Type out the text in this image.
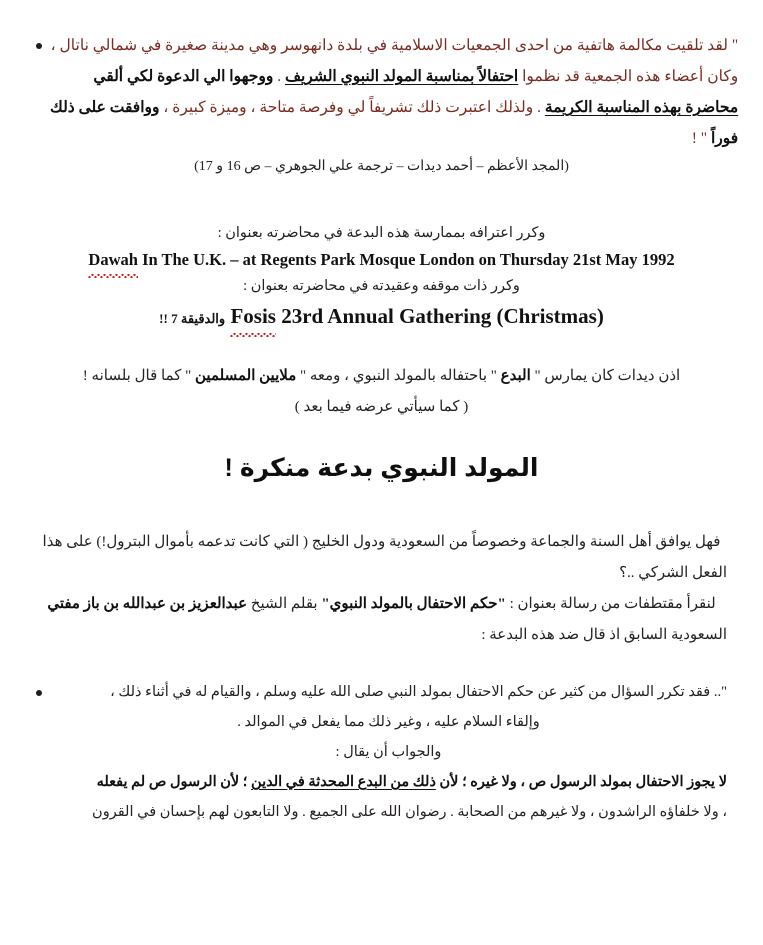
" لقد تلقيت مكالمة هاتفية من احدى الجمعيات الاسلامية في بلدة دانهوسر وهي مدينة صغيرة في شمالي ناتال ،
وكان أعضاء هذه الجمعية قد نظموا احتفالاً بمناسبة المولد النبوي الشريف . ووجهوا الي الدعوة لكي ألقي
محاضرة بهذه المناسبة الكريمة . ولذلك اعتبرت ذلك تشريفاً لي وفرصة متاحة ، وميزة كبيرة ، ووافقت على ذلك
فوراً " !
(المجد الأعظم – أحمد ديدات – ترجمة علي الجوهري – ص 16 و 17)
وكرر اعترافه بممارسة هذه البدعة في محاضرته بعنوان :
Dawah In The U.K. – at Regents Park Mosque London on Thursday 21st May 1992
وكرر ذات موقفه وعقيدته في محاضرته بعنوان :
والدقيقة 7 !! Fosis 23rd Annual Gathering (Christmas)
اذن ديدات كان يمارس " البدع " باحتفاله بالمولد النبوي ، ومعه " ملايين المسلمين " كما قال بلسانه !
( كما سيأتي عرضه فيما بعد )
المولد النبوي بدعة منكرة !
فهل يوافق أهل السنة والجماعة وخصوصاً من السعودية ودول الخليج ( التي كانت تدعمه بأموال البترول!) على هذا
الفعل الشركي ..؟
لنقرأ مقتطفات من رسالة بعنوان : "حكم الاحتفال بالمولد النبوي" بقلم الشيخ عبدالعزيز بن عبدالله بن باز مفتي
السعودية السابق اذ قال ضد هذه البدعة :
".. فقد تكرر السؤال من كثير عن حكم الاحتفال بمولد النبي صلى الله عليه وسلم ، والقيام له في أثناء ذلك ،
وإلقاء السلام عليه ، وغير ذلك مما يفعل في الموالد .
والجواب أن يقال :
لا يجوز الاحتفال بمولد الرسول ص ، ولا غيره ؛ لأن ذلك من البدع المحدثة في الدين ؛ لأن الرسول ص لم يفعله
، ولا خلفاؤه الراشدون ، ولا غيرهم من الصحابة . رضوان الله على الجميع . ولا التابعون لهم بإحسان في القرون
